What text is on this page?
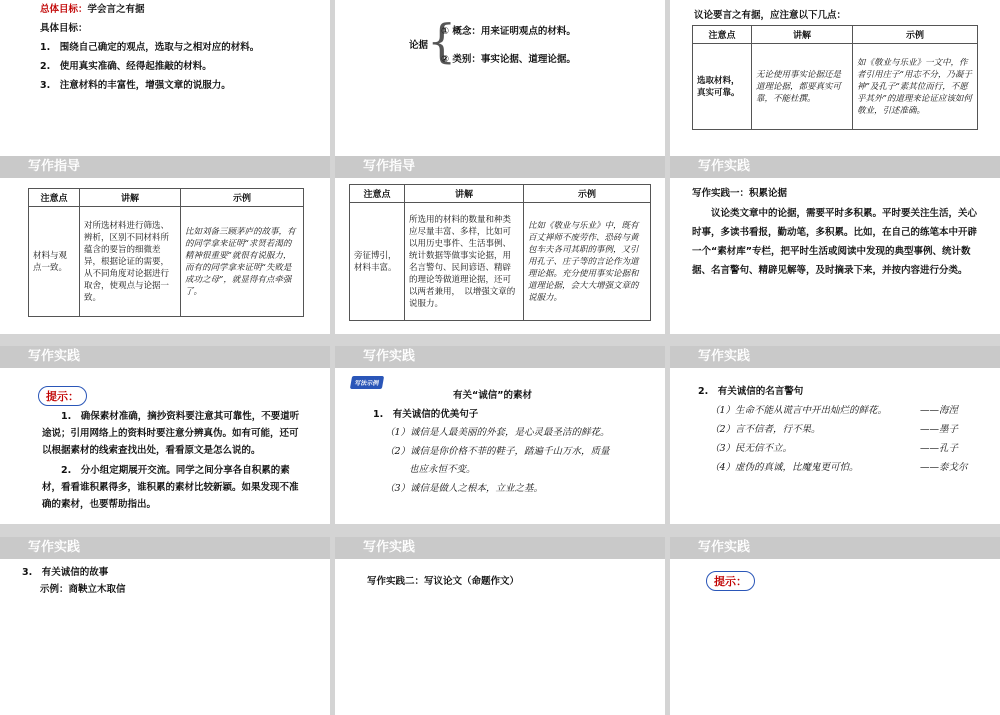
总体目标：学会言之有据
具体目标：
1.　围绕自己确定的观点，选取与之相对应的材料。
2.　使用真实准确、经得起推敲的材料。
3.　注意材料的丰富性，增强文章的说服力。
论据
{
① 概念：用来证明观点的材料。
② 类别：事实论据、道理论据。
议论要言之有据，应注意以下几点：
注意点	讲解	示例
选取材料，真实可靠。	无论使用事实论据还是道理论据，都要真实可靠，不能杜撰。	如《敬业与乐业》一文中，作者引用庄子“用志不分，乃凝于神”及孔子“素其位而行，不愿乎其外”的道理来论证应该如何敬业，引述准确。
写作指导
注意点	讲解	示例
材料与观点一致。	对所选材料进行筛选、辨析，区别不同材料所蕴含的要旨的细微差异，根据论证的需要，从不同角度对论据进行取舍，使观点与论据一致。	比如刘备三顾茅庐的故事，有的同学拿来证明“求贤若渴的精神很重要”就很有说服力，而有的同学拿来证明“失败是成功之母”，就显得有点牵强了。
写作指导
注意点	讲解	示例
旁征博引，材料丰富。	所选用的材料的数量和种类应尽量丰富、多样，比如可以用历史事件、生活事例、统计数据等做事实论据，用名言警句、民间谚语、精辟的理论等做道理论据，还可以两者兼用，　以增强文章的说服力。	比如《敬业与乐业》中，既有百丈禅师不废劳作、恐砖与黄包车夫各司其职的事例，又引用孔子、庄子等的言论作为道理论据。充分使用事实论据和道理论据，会大大增强文章的说服力。
写作实践
写作实践一：积累论据
议论类文章中的论据，需要平时多积累。平时要关注生活，关心时事，多读书看报，勤动笔，多积累。比如，在自己的练笔本中开辟一个“素材库”专栏，把平时生活或阅读中发现的典型事例、统计数据、名言警句、精辟见解等，及时摘录下来，并按内容进行分类。
写作实践
提示：
1.　确保素材准确，摘抄资料要注意其可靠性，不要道听途说；引用网络上的资料时要注意分辨真伪。如有可能，还可以根据素材的线索查找出处，看看原文是怎么说的。
2.　分小组定期展开交流。同学之间分享各自积累的素材，看看谁积累得多，谁积累的素材比较新颖。如果发现不准确的素材，也要帮助指出。
写作实践
写法示例
有关“诚信”的素材
1.　有关诚信的优美句子
（1）诚信是人最美丽的外套，是心灵最圣洁的鲜花。
（2）诚信是你价格不菲的鞋子，踏遍千山万水，质量
也应永恒不变。
（3）诚信是做人之根本，立业之基。
写作实践
2.　有关诚信的名言警句
（1）生命不能从谎言中开出灿烂的鲜花。	——海涅
（2）言不信者，行不果。	——墨子
（3）民无信不立。	——孔子
（4）虚伪的真诚，比魔鬼更可怕。	——泰戈尔
写作实践
3.　有关诚信的故事
示例：商鞅立木取信
写作实践
写作实践二：写议论文（命题作文）
写作实践
提示：
